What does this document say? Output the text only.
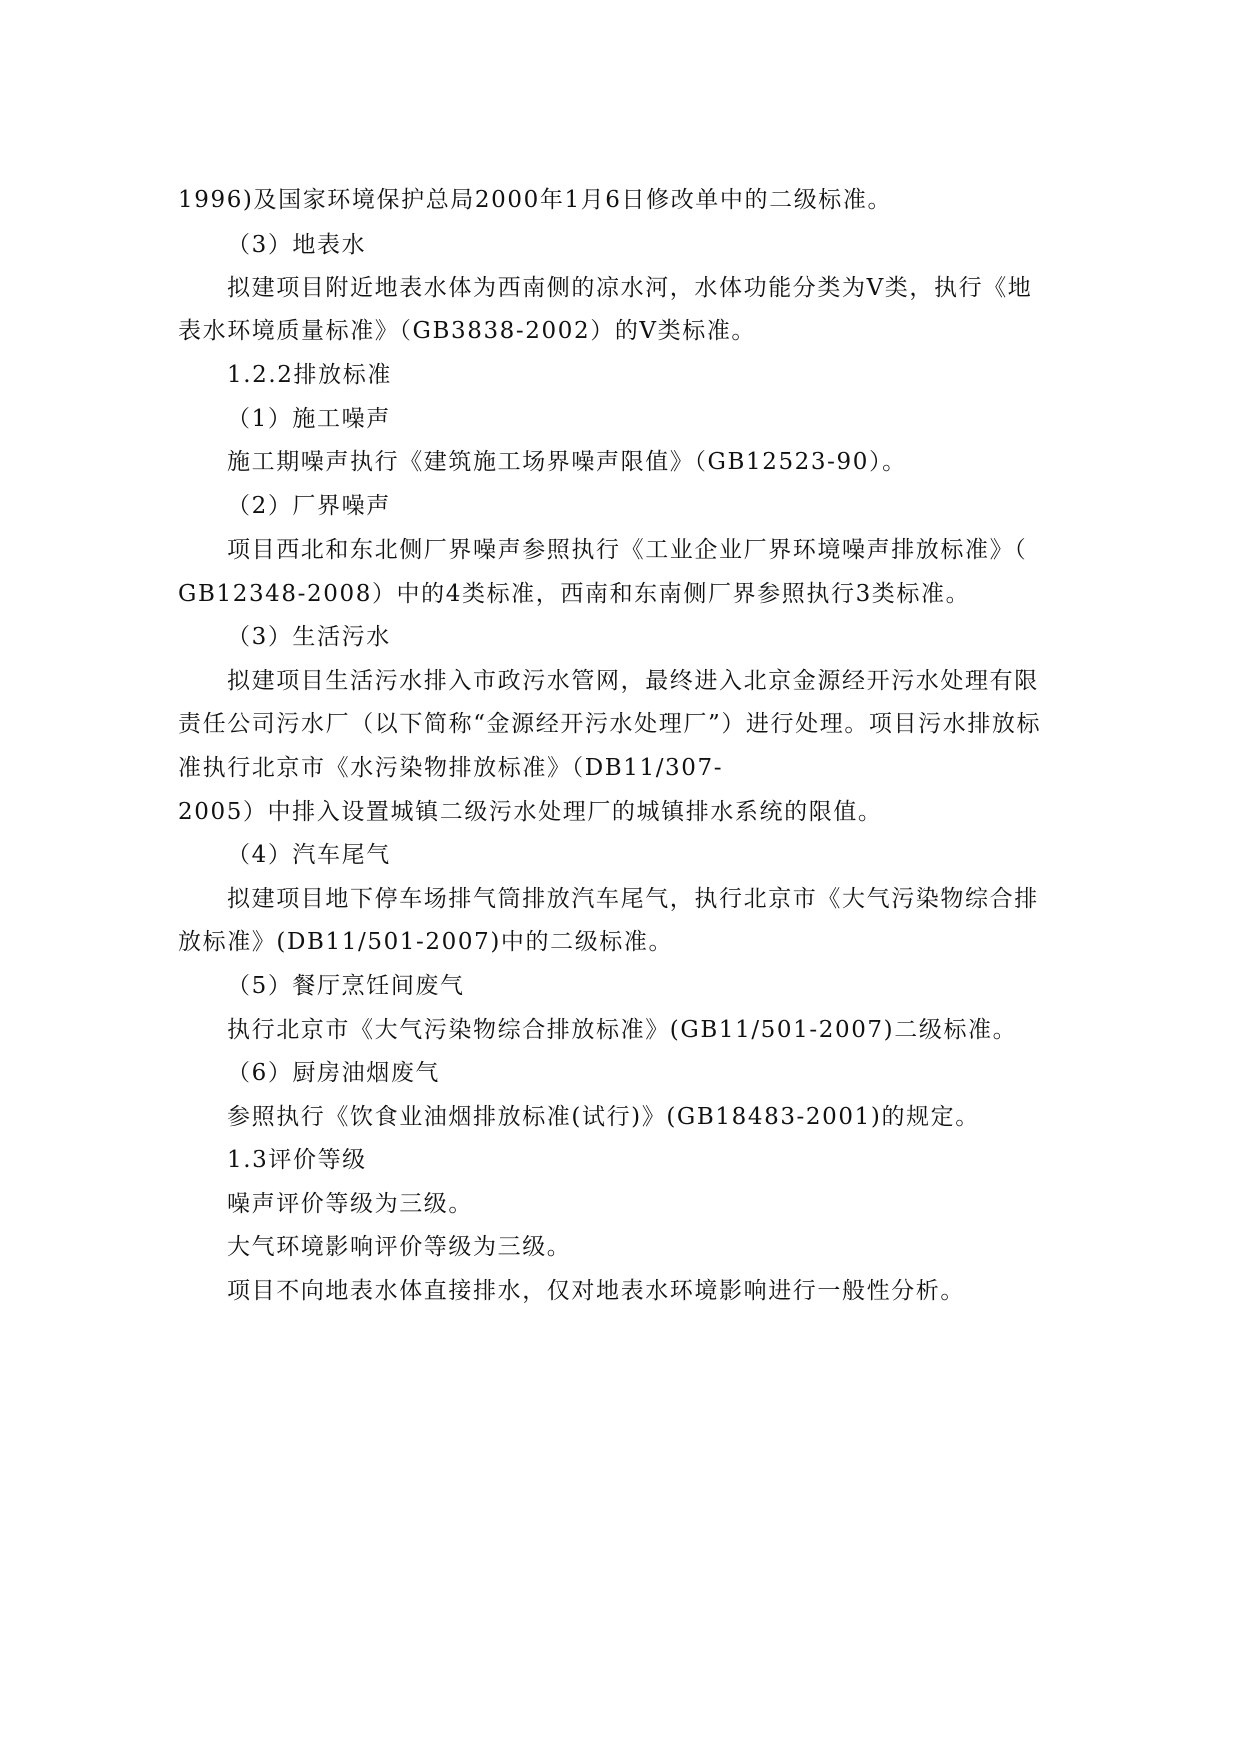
1996)及国家环境保护总局2000年1月6日修改单中的二级标准。
（3）地表水
拟建项目附近地表水体为西南侧的凉水河，水体功能分类为V类，执行《地
表水环境质量标准》（GB3838-2002）的V类标准。
1.2.2排放标准
（1）施工噪声
施工期噪声执行《建筑施工场界噪声限值》（GB12523-90）。
（2）厂界噪声
项目西北和东北侧厂界噪声参照执行《工业企业厂界环境噪声排放标准》（
GB12348-2008）中的4类标准，西南和东南侧厂界参照执行3类标准。
（3）生活污水
拟建项目生活污水排入市政污水管网，最终进入北京金源经开污水处理有限
责任公司污水厂（以下简称“金源经开污水处理厂”）进行处理。项目污水排放标
准执行北京市《水污染物排放标准》（DB11/307-
2005）中排入设置城镇二级污水处理厂的城镇排水系统的限值。
（4）汽车尾气
拟建项目地下停车场排气筒排放汽车尾气，执行北京市《大气污染物综合排
放标准》(DB11/501-2007)中的二级标准。
（5）餐厅烹饪间废气
执行北京市《大气污染物综合排放标准》(GB11/501-2007)二级标准。
（6）厨房油烟废气
参照执行《饮食业油烟排放标准(试行)》(GB18483-2001)的规定。
1.3评价等级
噪声评价等级为三级。
大气环境影响评价等级为三级。
项目不向地表水体直接排水，仅对地表水环境影响进行一般性分析。
